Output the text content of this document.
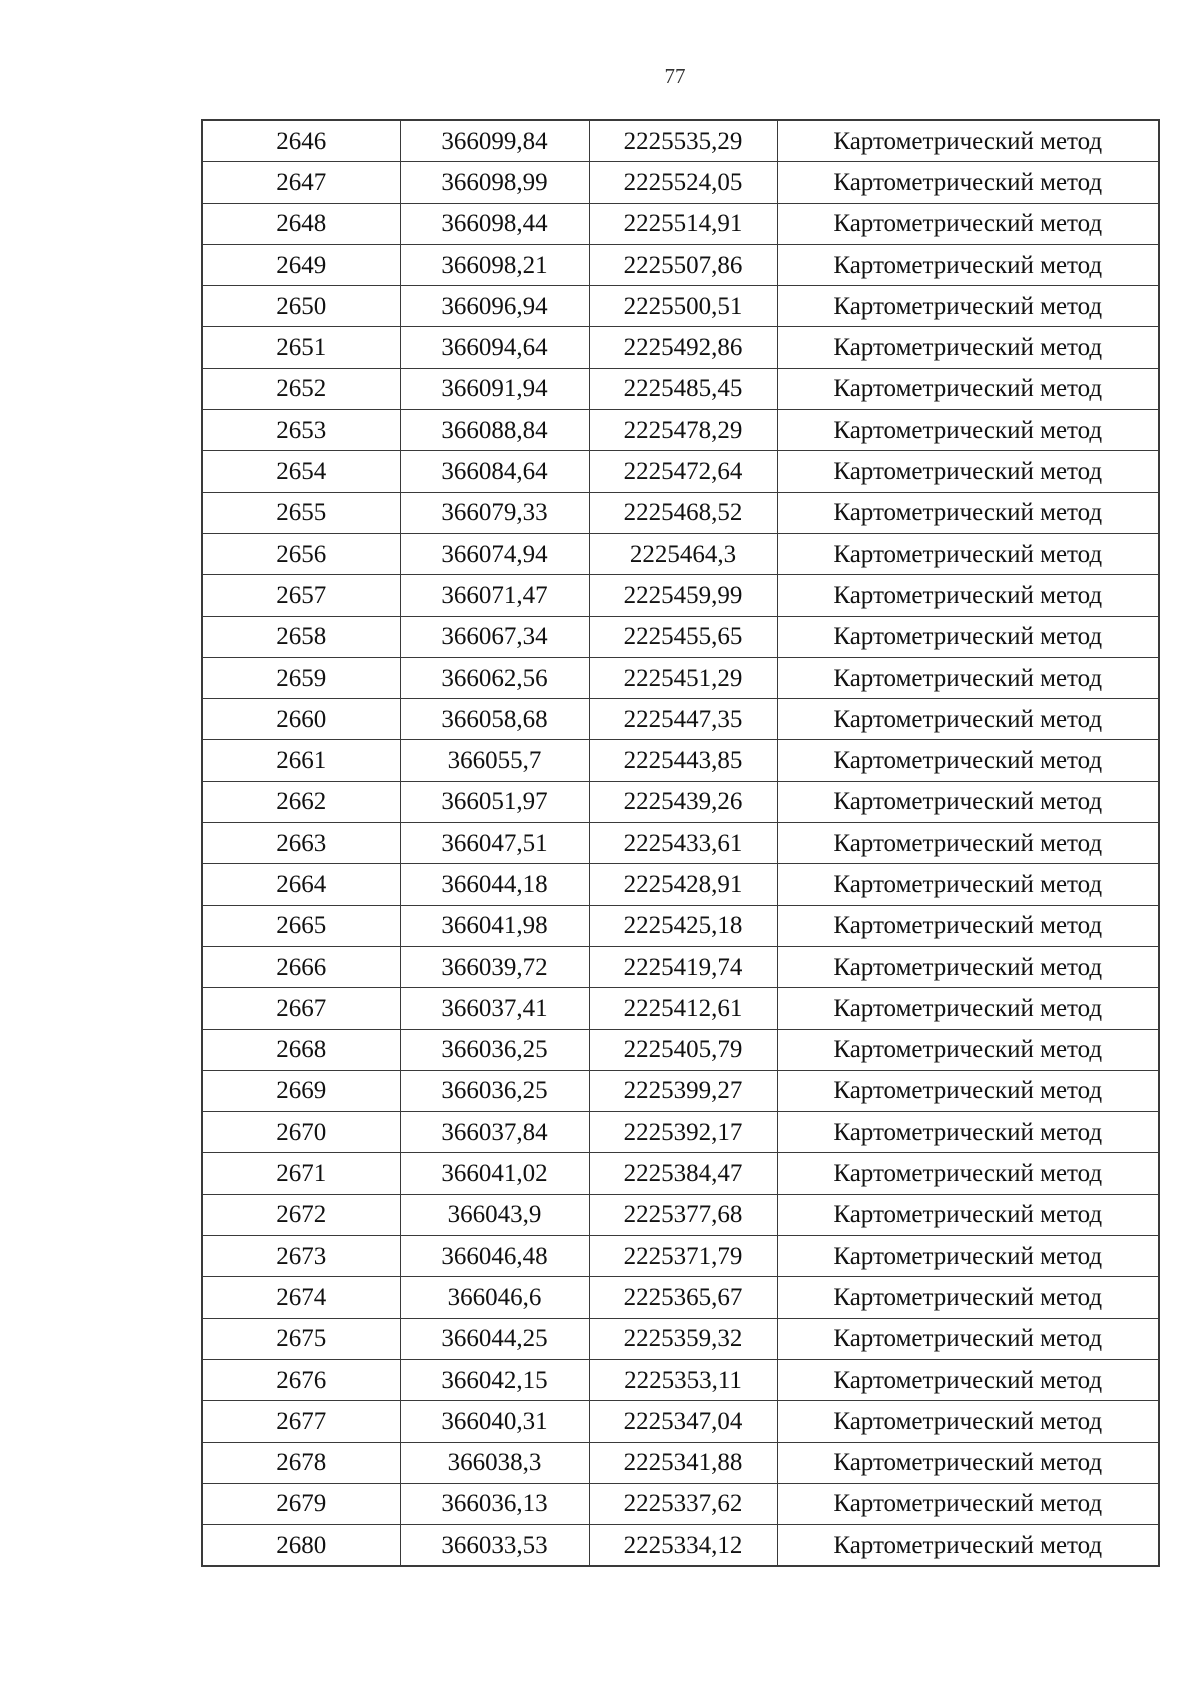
77
2646	366099,84	2225535,29	Картометрический метод
2647	366098,99	2225524,05	Картометрический метод
2648	366098,44	2225514,91	Картометрический метод
2649	366098,21	2225507,86	Картометрический метод
2650	366096,94	2225500,51	Картометрический метод
2651	366094,64	2225492,86	Картометрический метод
2652	366091,94	2225485,45	Картометрический метод
2653	366088,84	2225478,29	Картометрический метод
2654	366084,64	2225472,64	Картометрический метод
2655	366079,33	2225468,52	Картометрический метод
2656	366074,94	2225464,3	Картометрический метод
2657	366071,47	2225459,99	Картометрический метод
2658	366067,34	2225455,65	Картометрический метод
2659	366062,56	2225451,29	Картометрический метод
2660	366058,68	2225447,35	Картометрический метод
2661	366055,7	2225443,85	Картометрический метод
2662	366051,97	2225439,26	Картометрический метод
2663	366047,51	2225433,61	Картометрический метод
2664	366044,18	2225428,91	Картометрический метод
2665	366041,98	2225425,18	Картометрический метод
2666	366039,72	2225419,74	Картометрический метод
2667	366037,41	2225412,61	Картометрический метод
2668	366036,25	2225405,79	Картометрический метод
2669	366036,25	2225399,27	Картометрический метод
2670	366037,84	2225392,17	Картометрический метод
2671	366041,02	2225384,47	Картометрический метод
2672	366043,9	2225377,68	Картометрический метод
2673	366046,48	2225371,79	Картометрический метод
2674	366046,6	2225365,67	Картометрический метод
2675	366044,25	2225359,32	Картометрический метод
2676	366042,15	2225353,11	Картометрический метод
2677	366040,31	2225347,04	Картометрический метод
2678	366038,3	2225341,88	Картометрический метод
2679	366036,13	2225337,62	Картометрический метод
2680	366033,53	2225334,12	Картометрический метод
